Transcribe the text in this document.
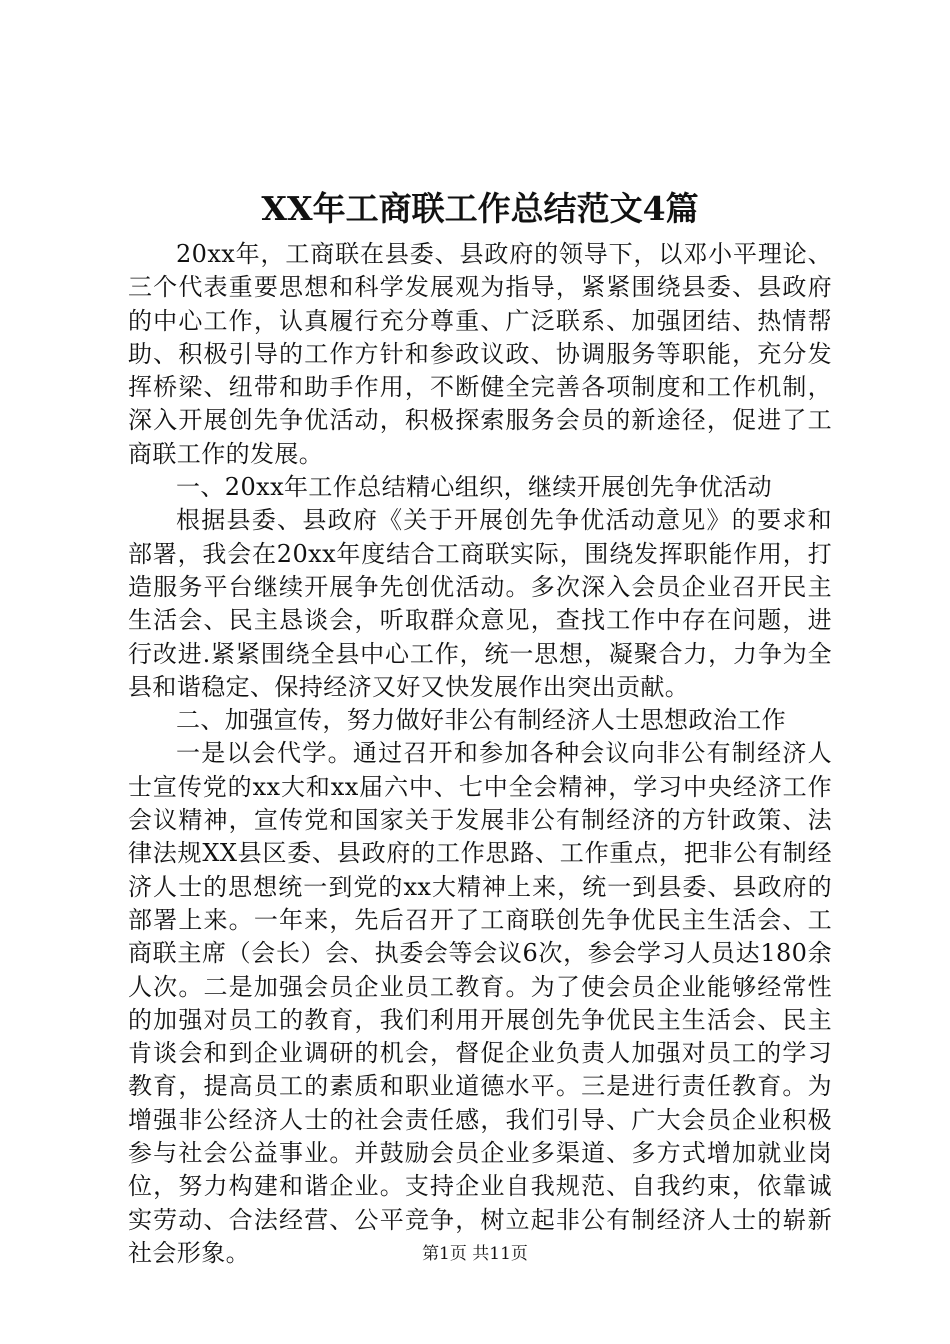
XX年工商联工作总结范文4篇

20xx年，工商联在县委、县政府的领导下，以邓小平理论、三个代表重要思想和科学发展观为指导，紧紧围绕县委、县政府的中心工作，认真履行充分尊重、广泛联系、加强团结、热情帮助、积极引导的工作方针和参政议政、协调服务等职能，充分发挥桥梁、纽带和助手作用，不断健全完善各项制度和工作机制，深入开展创先争优活动，积极探索服务会员的新途径，促进了工商联工作的发展。

一、20xx年工作总结精心组织，继续开展创先争优活动

根据县委、县政府《关于开展创先争优活动意见》的要求和部署，我会在20xx年度结合工商联实际，围绕发挥职能作用，打造服务平台继续开展争先创优活动。多次深入会员企业召开民主生活会、民主恳谈会，听取群众意见，查找工作中存在问题，进行改进.紧紧围绕全县中心工作，统一思想，凝聚合力，力争为全县和谐稳定、保持经济又好又快发展作出突出贡献。

二、加强宣传，努力做好非公有制经济人士思想政治工作

一是以会代学。通过召开和参加各种会议向非公有制经济人士宣传党的xx大和xx届六中、七中全会精神，学习中央经济工作会议精神，宣传党和国家关于发展非公有制经济的方针政策、法律法规XX县区委、县政府的工作思路、工作重点，把非公有制经济人士的思想统一到党的xx大精神上来，统一到县委、县政府的部署上来。一年来，先后召开了工商联创先争优民主生活会、工商联主席（会长）会、执委会等会议6次，参会学习人员达180余人次。二是加强会员企业员工教育。为了使会员企业能够经常性的加强对员工的教育，我们利用开展创先争优民主生活会、民主肯谈会和到企业调研的机会，督促企业负责人加强对员工的学习教育，提高员工的素质和职业道德水平。三是进行责任教育。为增强非公经济人士的社会责任感，我们引导、广大会员企业积极参与社会公益事业。并鼓励会员企业多渠道、多方式增加就业岗位，努力构建和谐企业。支持企业自我规范、自我约束，依靠诚实劳动、合法经营、公平竞争，树立起非公有制经济人士的崭新社会形象。	第1页 共11页
